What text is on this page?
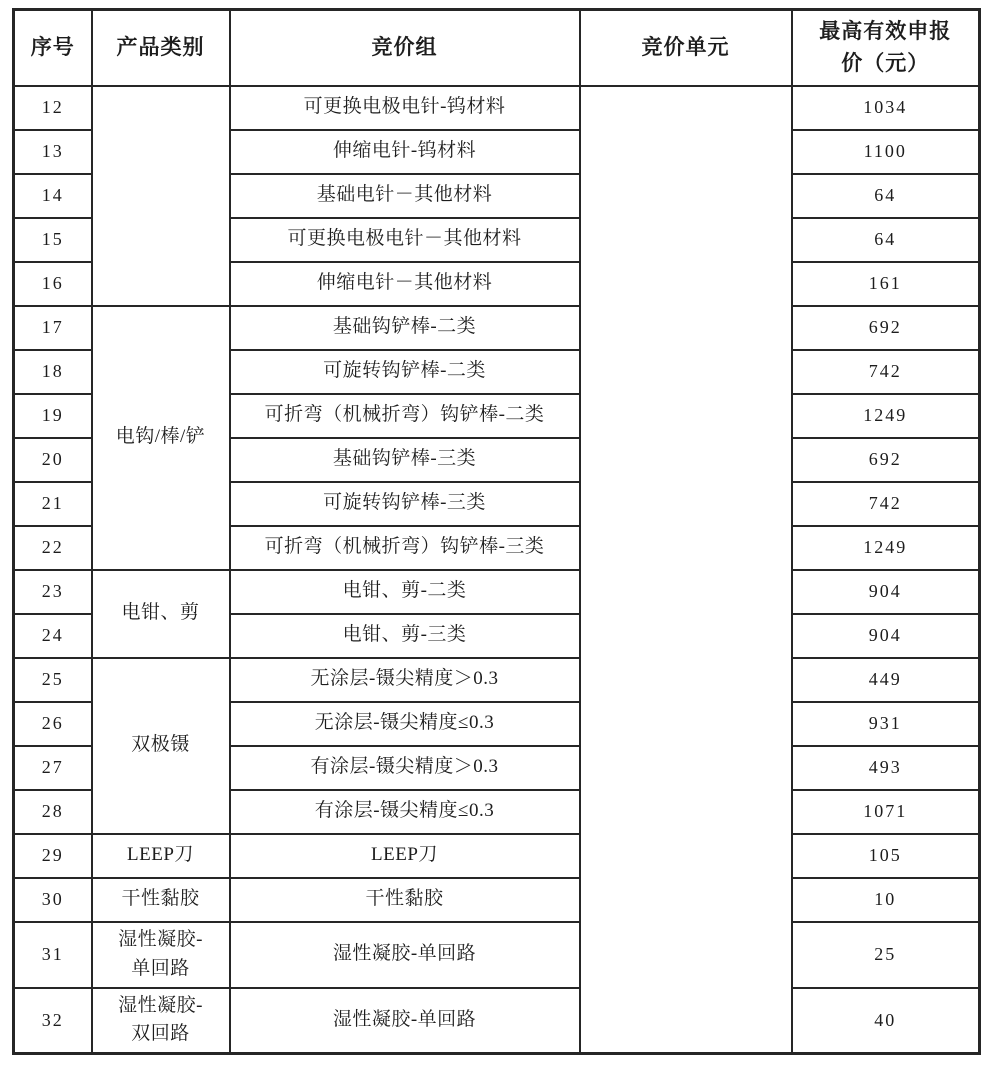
序号	产品类别	竞价组	竞价单元	最高有效申报价（元）
12		可更换电极电针-钨材料		1034
13		伸缩电针-钨材料		1100
14		基础电针－其他材料		64
15		可更换电极电针－其他材料		64
16		伸缩电针－其他材料		161
17	电钩/棒/铲	基础钩铲棒-二类		692
18		可旋转钩铲棒-二类		742
19		可折弯（机械折弯）钩铲棒-二类		1249
20		基础钩铲棒-三类		692
21		可旋转钩铲棒-三类		742
22		可折弯（机械折弯）钩铲棒-三类		1249
23	电钳、剪	电钳、剪-二类		904
24		电钳、剪-三类		904
25	双极镊	无涂层-镊尖精度＞0.3		449
26		无涂层-镊尖精度≤0.3		931
27		有涂层-镊尖精度＞0.3		493
28		有涂层-镊尖精度≤0.3		1071
29	LEEP刀	LEEP刀		105
30	干性黏胶	干性黏胶		10
31	湿性凝胶-单回路	湿性凝胶-单回路		25
32	湿性凝胶-双回路	湿性凝胶-单回路		40
